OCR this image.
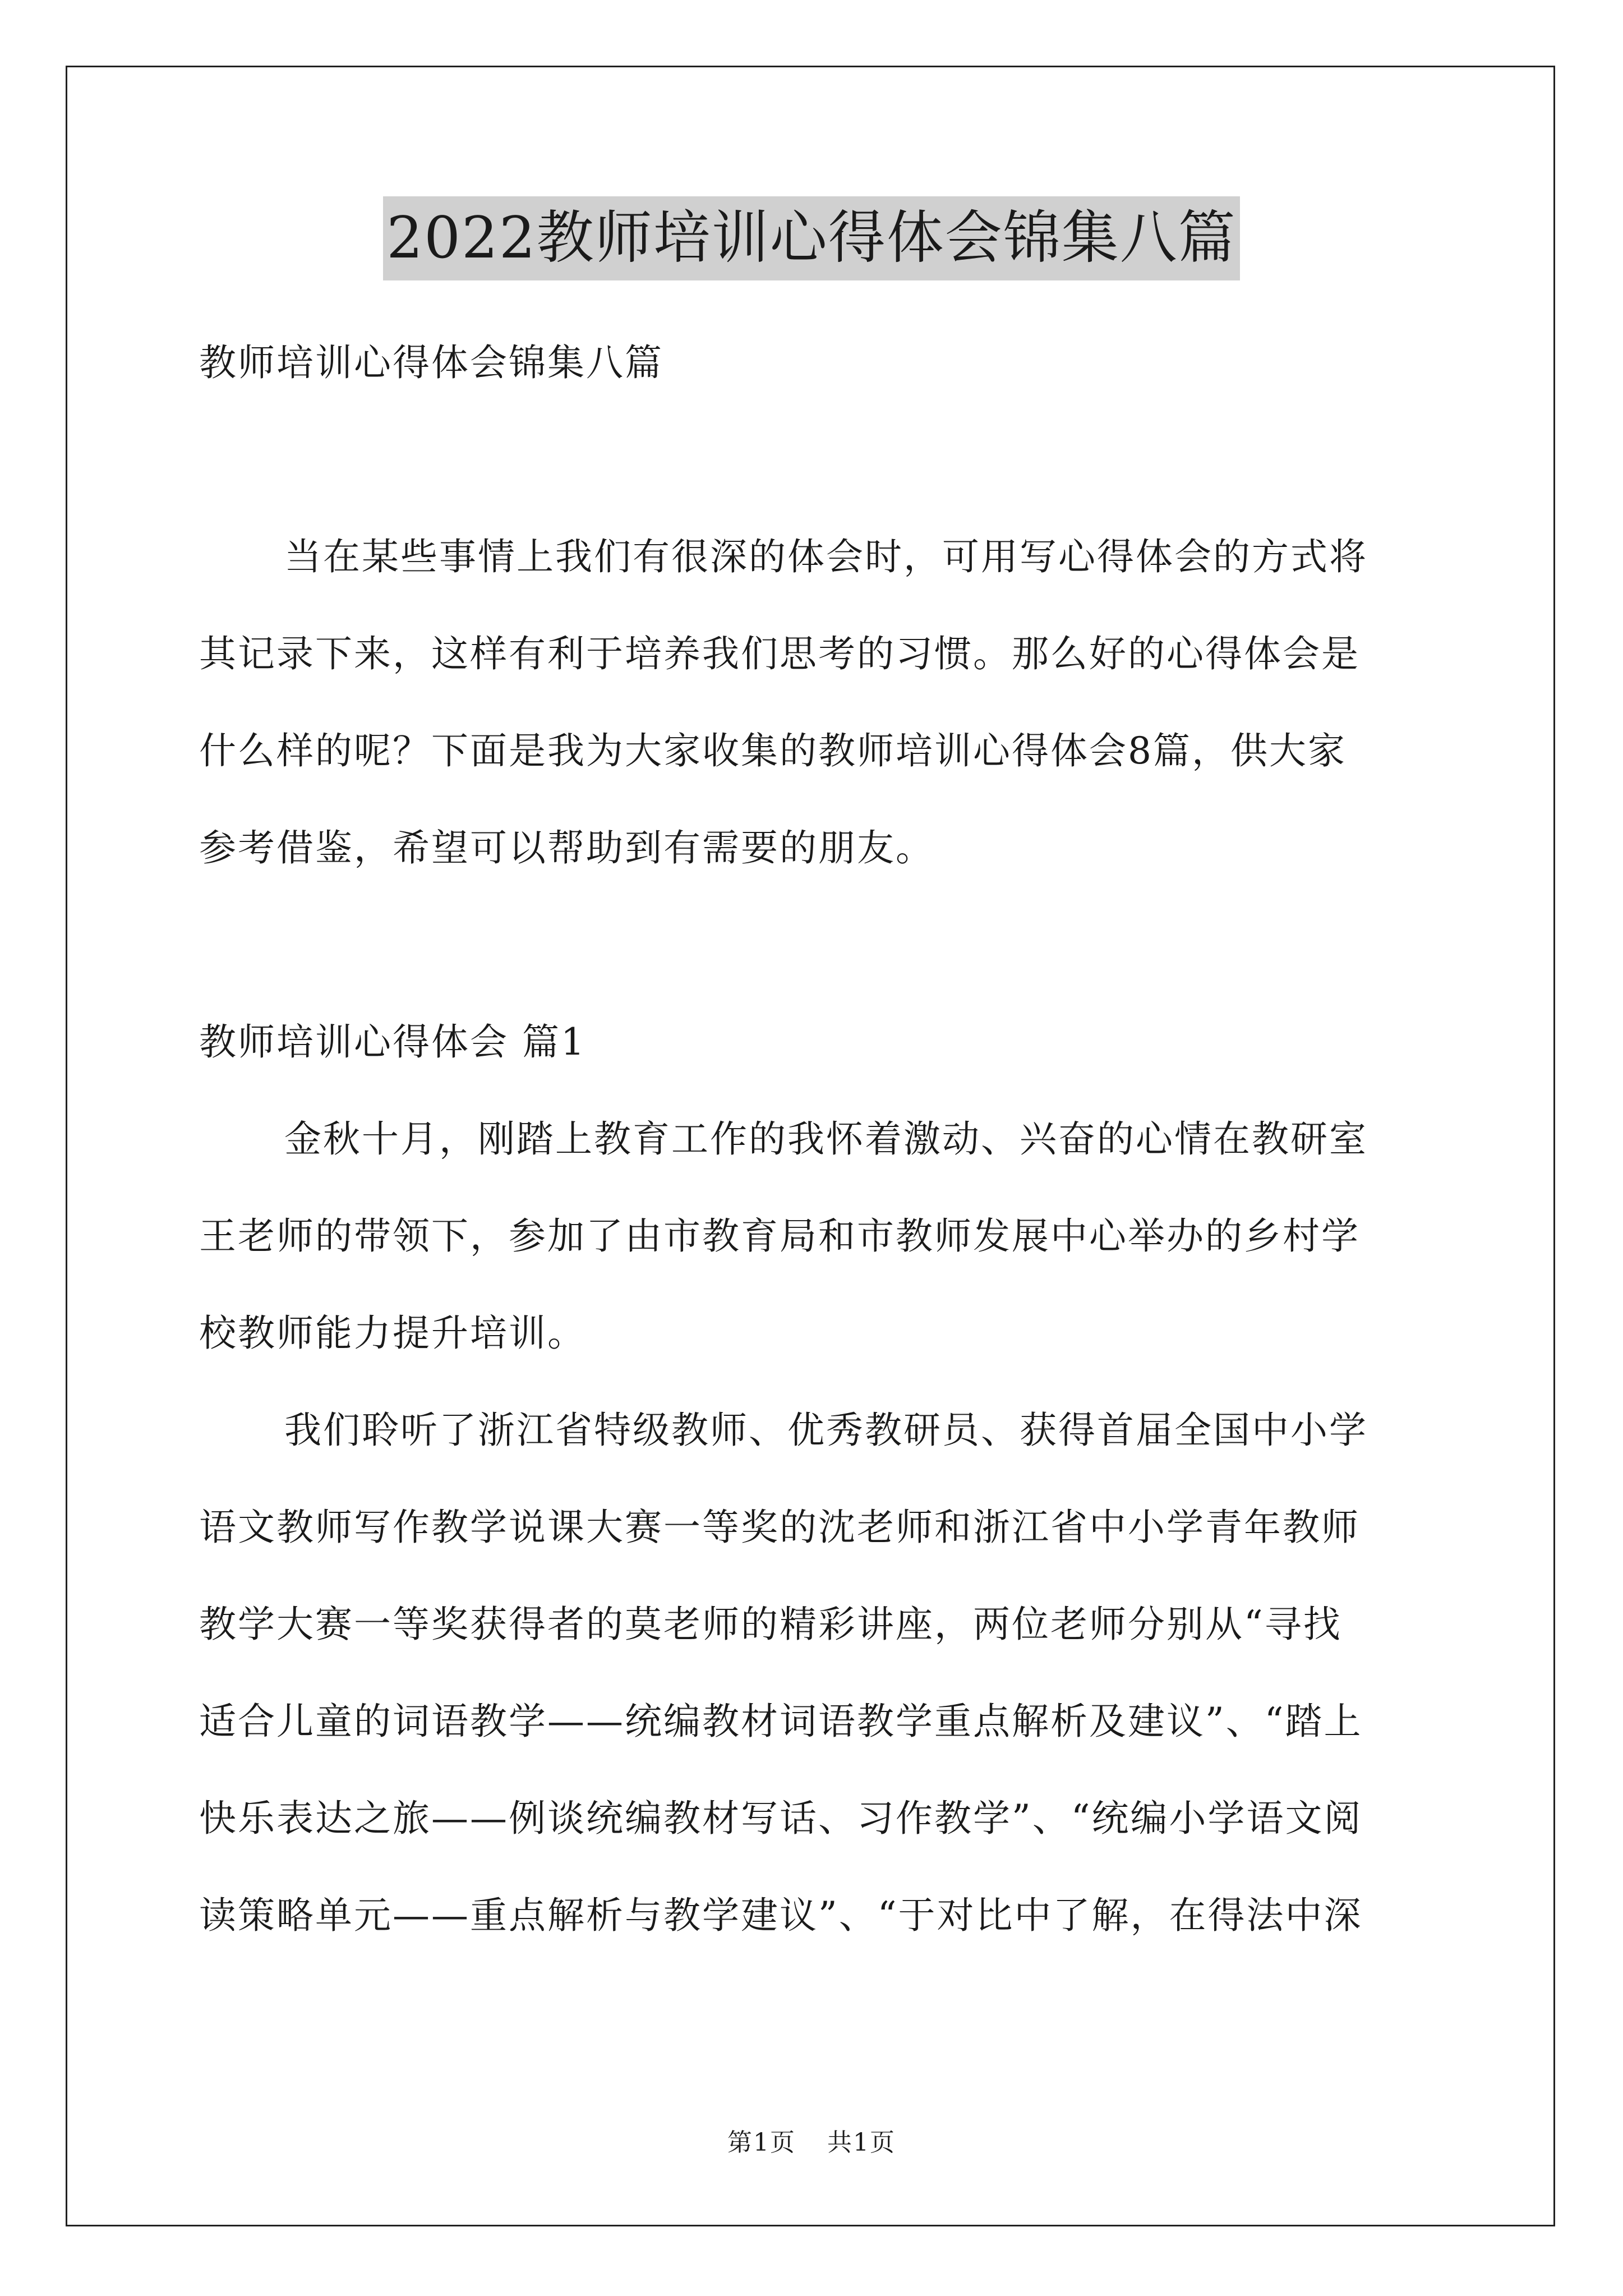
2022教师培训心得体会锦集八篇
教师培训心得体会锦集八篇
当在某些事情上我们有很深的体会时，可用写心得体会的方式将
其记录下来，这样有利于培养我们思考的习惯。那么好的心得体会是
什么样的呢？下面是我为大家收集的教师培训心得体会8篇，供大家
参考借鉴，希望可以帮助到有需要的朋友。
教师培训心得体会 篇1
金秋十月，刚踏上教育工作的我怀着激动、兴奋的心情在教研室
王老师的带领下，参加了由市教育局和市教师发展中心举办的乡村学
校教师能力提升培训。
我们聆听了浙江省特级教师、优秀教研员、获得首届全国中小学
语文教师写作教学说课大赛一等奖的沈老师和浙江省中小学青年教师
教学大赛一等奖获得者的莫老师的精彩讲座，两位老师分别从“寻找
适合儿童的词语教学——统编教材词语教学重点解析及建议”、“踏上
快乐表达之旅——例谈统编教材写话、习作教学”、“统编小学语文阅
读策略单元——重点解析与教学建议”、“于对比中了解，在得法中深
第1页 共1页
